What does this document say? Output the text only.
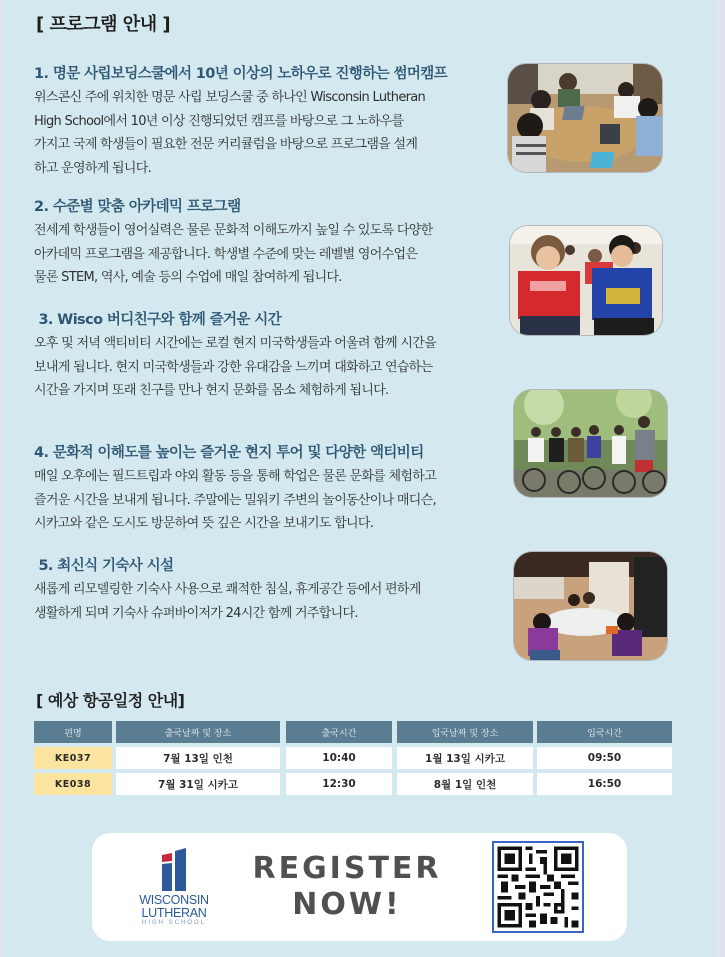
[ 프로그램 안내 ]
1. 명문 사립보딩스쿨에서 10년 이상의 노하우로 진행하는 썸머캠프

위스콘신 주에 위치한 명문 사립 보딩스쿨 중 하나인 Wisconsin Lutheran
High School에서 10년 이상 진행되었던 캠프를 바탕으로 그 노하우를
가지고 국제 학생들이 필요한 전문 커리큘럼을 바탕으로 프로그램을 설계
하고 운영하게 됩니다.

2. 수준별 맞춤 아카데믹 프로그램

전세계 학생들이 영어실력은 물론 문화적 이해도까지 높일 수 있도록 다양한
아카데믹 프로그램을 제공합니다. 학생별 수준에 맞는 레벨별 영어수업은
물론 STEM, 역사, 예술 등의 수업에 매일 참여하게 됩니다.

3. Wisco 버디친구와 함께 즐거운 시간

오후 및 저녁 액티비티 시간에는 로컬 현지 미국학생들과 어울려 함께 시간을
보내게 됩니다. 현지 미국학생들과 강한 유대감을 느끼며 대화하고 연습하는
시간을 가지며 또래 친구를 만나 현지 문화를 몸소 체험하게 됩니다.

4. 문화적 이해도를 높이는 즐거운 현지 투어 및 다양한 액티비티

매일 오후에는 필드트립과 야외 활동 등을 통해 학업은 물론 문화를 체험하고
즐거운 시간을 보내게 됩니다. 주말에는 밀워키 주변의 놀이동산이나 매디슨,
시카고와 같은 도시도 방문하여 뜻 깊은 시간을 보내기도 합니다.

5. 최신식 기숙사 시설

새롭게 리모델링한 기숙사 사용으로 쾌적한 침실, 휴게공간 등에서 편하게
생활하게 되며 기숙사 슈퍼바이저가 24시간 함께 거주합니다.

[ 예상 항공일정 안내]
편명	출국날짜 및 장소	출국시간	입국날짜 및 장소	입국시간
KE037	7월 13일 인천	10:40	1월 13일 시카고	09:50
KE038	7월 31일 시카고	12:30	8월 1일 인천	16:50
WISCONSIN
LUTHERAN
HIGH SCHOOL
REGISTER
NOW!
